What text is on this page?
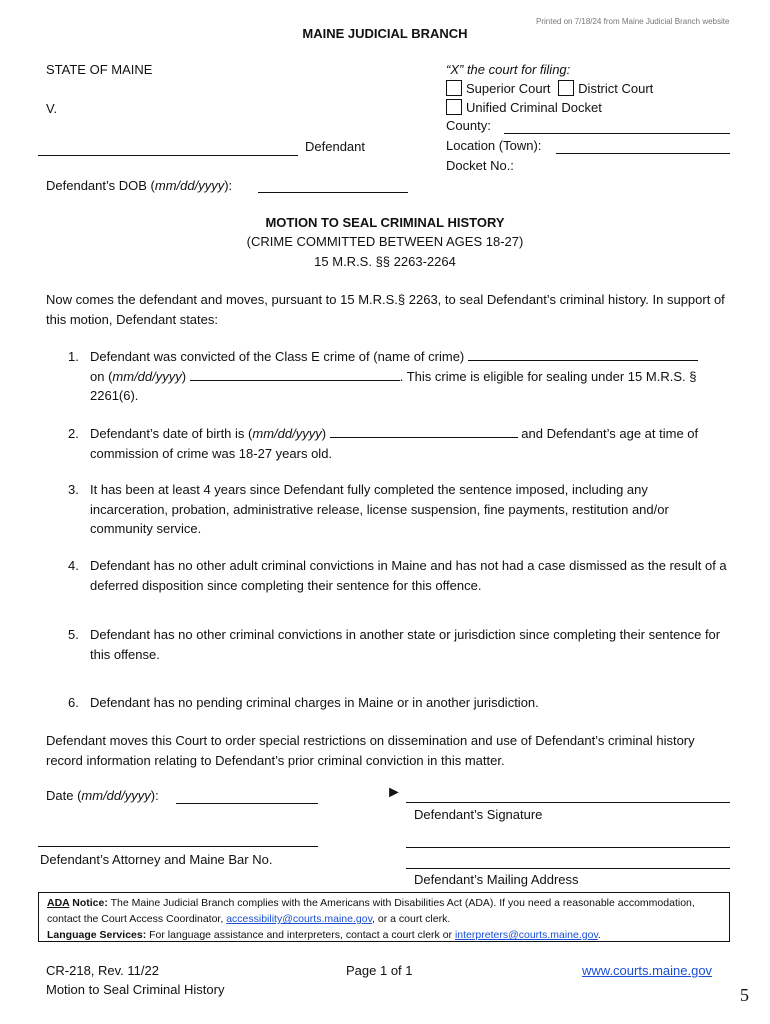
MAINE JUDICIAL BRANCH
Printed on 7/18/24 from Maine Judicial Branch website
STATE OF MAINE
V.
Defendant
Defendant’s DOB (mm/dd/yyyy):
“X” the court for filing:
Superior Court District Court
Unified Criminal Docket
County:
Location (Town):
Docket No.:
MOTION TO SEAL CRIMINAL HISTORY
(CRIME COMMITTED BETWEEN AGES 18-27)
15 M.R.S. §§ 2263-2264
Now comes the defendant and moves, pursuant to 15 M.R.S.§ 2263, to seal Defendant’s criminal history. In support of this motion, Defendant states:
1. Defendant was convicted of the Class E crime of (name of crime)
on (mm/dd/yyyy)	. This crime is eligible for sealing under 15 M.R.S. § 2261(6).
2. Defendant’s date of birth is (mm/dd/yyyy)	and Defendant’s age at time of commission of crime was 18-27 years old.
3. It has been at least 4 years since Defendant fully completed the sentence imposed, including any incarceration, probation, administrative release, license suspension, fine payments, restitution and/or community service.
4. Defendant has no other adult criminal convictions in Maine and has not had a case dismissed as the result of a deferred disposition since completing their sentence for this offence.
5. Defendant has no other criminal convictions in another state or jurisdiction since completing their sentence for this offense.
6. Defendant has no pending criminal charges in Maine or in another jurisdiction.
Defendant moves this Court to order special restrictions on dissemination and use of Defendant’s criminal history record information relating to Defendant’s prior criminal conviction in this matter.
Date (mm/dd/yyyy):	►
Defendant’s Signature
Defendant’s Attorney and Maine Bar No.
Defendant’s Mailing Address
ADA Notice: The Maine Judicial Branch complies with the Americans with Disabilities Act (ADA). If you need a reasonable accommodation, contact the Court Access Coordinator, accessibility@courts.maine.gov, or a court clerk.
Language Services: For language assistance and interpreters, contact a court clerk or interpreters@courts.maine.gov.
CR-218, Rev. 11/22
Motion to Seal Criminal History
Page 1 of 1	www.courts.maine.gov
5
